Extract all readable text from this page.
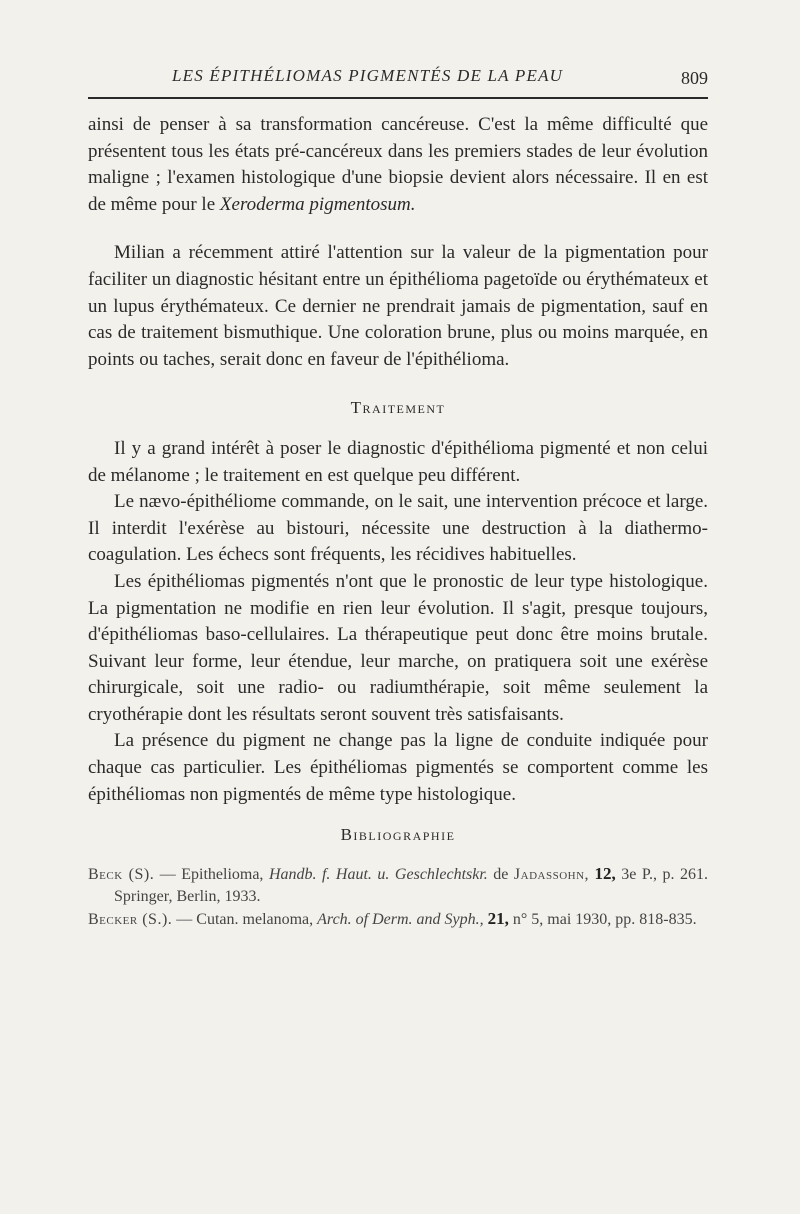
LES ÉPITHÉLIOMAS PIGMENTÉS DE LA PEAU	809

ainsi de penser à sa transformation cancéreuse. C'est la même difficulté que présentent tous les états pré-cancéreux dans les premiers stades de leur évolution maligne ; l'examen histologique d'une biopsie devient alors nécessaire. Il en est de même pour le Xeroderma pigmentosum.

Milian a récemment attiré l'attention sur la valeur de la pigmentation pour faciliter un diagnostic hésitant entre un épithélioma pagetoïde ou érythémateux et un lupus érythémateux. Ce dernier ne prendrait jamais de pigmentation, sauf en cas de traitement bismuthique. Une coloration brune, plus ou moins marquée, en points ou taches, serait donc en faveur de l'épithélioma.

Traitement

Il y a grand intérêt à poser le diagnostic d'épithélioma pigmenté et non celui de mélanome ; le traitement en est quelque peu différent.

Le nævo-épithéliome commande, on le sait, une intervention précoce et large. Il interdit l'exérèse au bistouri, nécessite une destruction à la diathermo-coagulation. Les échecs sont fréquents, les récidives habituelles.

Les épithéliomas pigmentés n'ont que le pronostic de leur type histologique. La pigmentation ne modifie en rien leur évolution. Il s'agit, presque toujours, d'épithéliomas baso-cellulaires. La thérapeutique peut donc être moins brutale. Suivant leur forme, leur étendue, leur marche, on pratiquera soit une exérèse chirurgicale, soit une radio- ou radiumthérapie, soit même seulement la cryothérapie dont les résultats seront souvent très satisfaisants.

La présence du pigment ne change pas la ligne de conduite indiquée pour chaque cas particulier. Les épithéliomas pigmentés se comportent comme les épithéliomas non pigmentés de même type histologique.

Bibliographie

Beck (S). — Epithelioma, Handb. f. Haut. u. Geschlechtskr. de Jadassohn, 12, 3e P., p. 261. Springer, Berlin, 1933.

Becker (S.). — Cutan. melanoma, Arch. of Derm. and Syph., 21, n° 5, mai 1930, pp. 818-835.
